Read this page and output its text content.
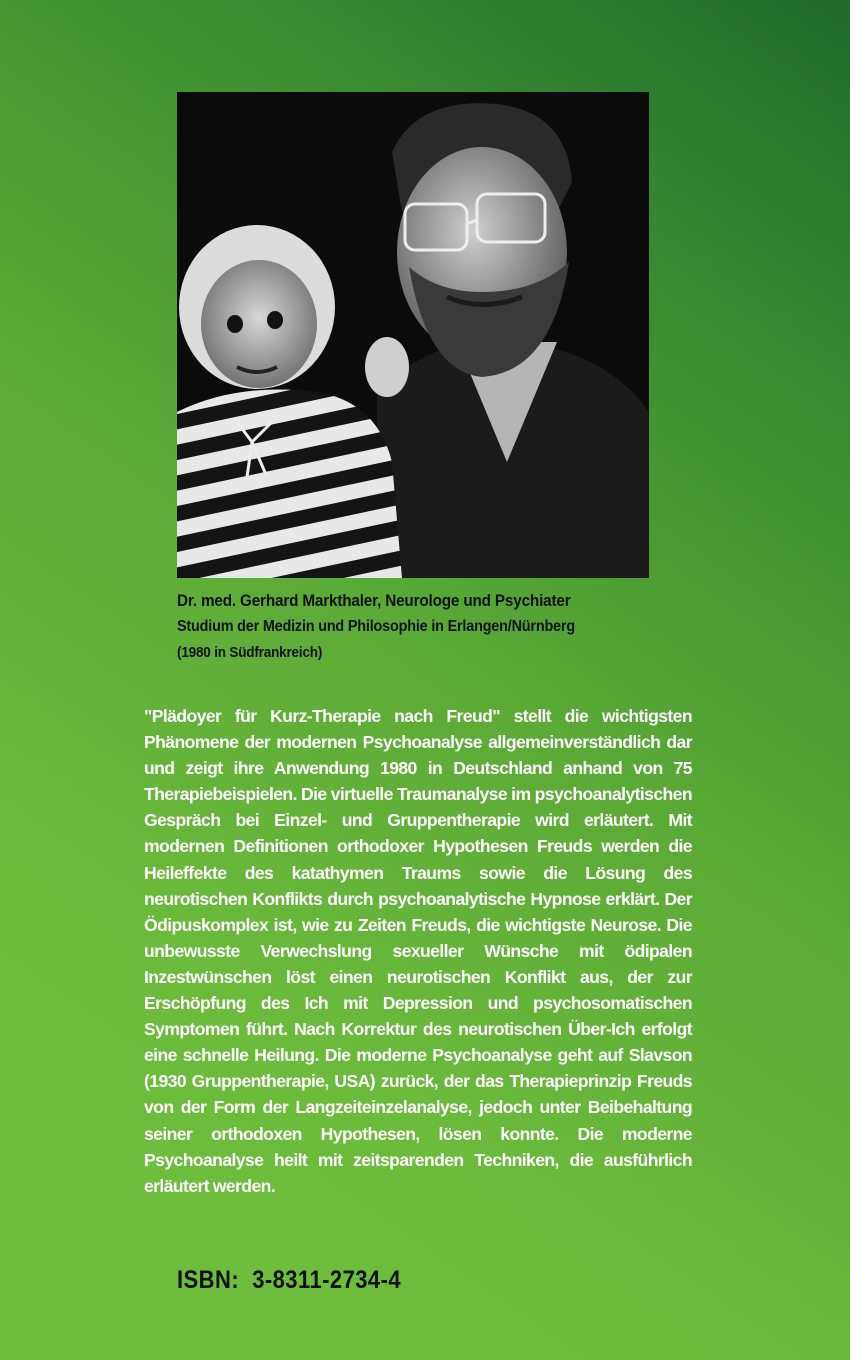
Dr. med. Gerhard Markthaler, Neurologe und Psychiater
Studium der Medizin und Philosophie in Erlangen/Nürnberg
(1980 in Südfrankreich)
"Plädoyer für Kurz-Therapie nach Freud" stellt die wichtigsten Phänomene der modernen Psychoanalyse allgemeinverständlich dar und zeigt ihre Anwendung 1980 in Deutschland anhand von 75 Therapiebeispielen. Die virtuelle Traumanalyse im psychoanalytischen Gespräch bei Einzel- und Gruppentherapie wird erläutert. Mit modernen Definitionen orthodoxer Hypothesen Freuds werden die Heileffekte des katathymen Traums sowie die Lösung des neurotischen Konflikts durch psychoanalytische Hypnose erklärt. Der Ödipuskomplex ist, wie zu Zeiten Freuds, die wichtigste Neurose. Die unbewusste Verwechslung sexueller Wünsche mit ödipalen Inzestwünschen löst einen neurotischen Konflikt aus, der zur Erschöpfung des Ich mit Depression und psychosomatischen Symptomen führt. Nach Korrektur des neurotischen Über-Ich erfolgt eine schnelle Heilung. Die moderne Psychoanalyse geht auf Slavson (1930 Gruppentherapie, USA) zurück, der das Therapieprinzip Freuds von der Form der Langzeiteinzelanalyse, jedoch unter Beibehaltung seiner orthodoxen Hypothesen, lösen konnte. Die moderne Psychoanalyse heilt mit zeitsparenden Techniken, die ausführlich erläutert werden.
ISBN:  3-8311-2734-4
